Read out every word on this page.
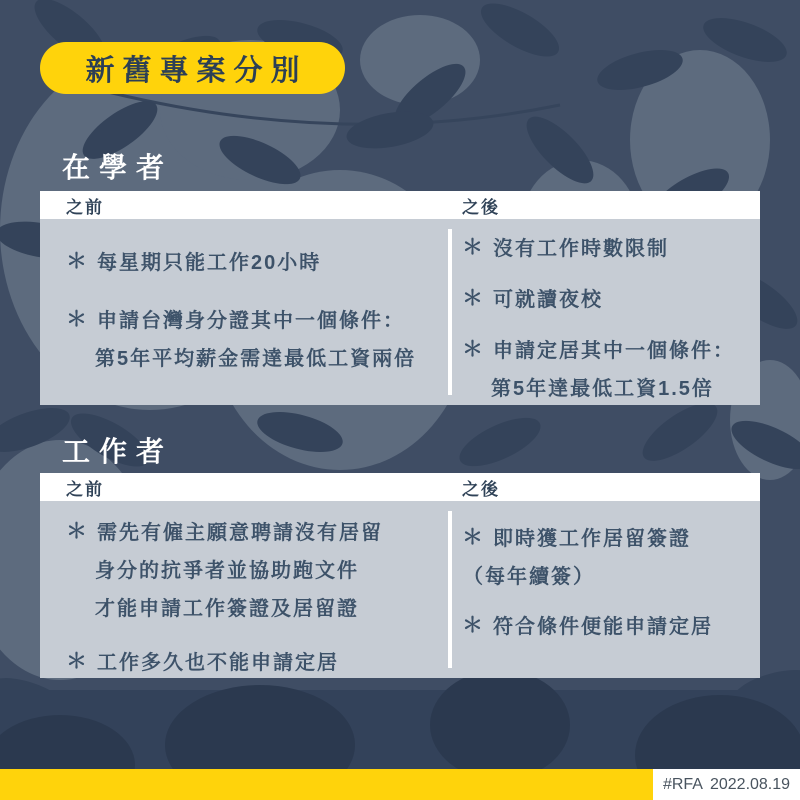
新舊專案分別
在學者
之前	之後
＊ 每星期只能工作20小時
＊ 申請台灣身分證其中一個條件：
第5年平均薪金需達最低工資兩倍
＊ 沒有工作時數限制
＊ 可就讀夜校
＊ 申請定居其中一個條件：
第5年達最低工資1.5倍
工作者
之前	之後
＊ 需先有僱主願意聘請沒有居留
身分的抗爭者並協助跑文件
才能申請工作簽證及居留證
＊ 工作多久也不能申請定居
＊ 即時獲工作居留簽證
（每年續簽）
＊ 符合條件便能申請定居
#RFA 2022.08.19
